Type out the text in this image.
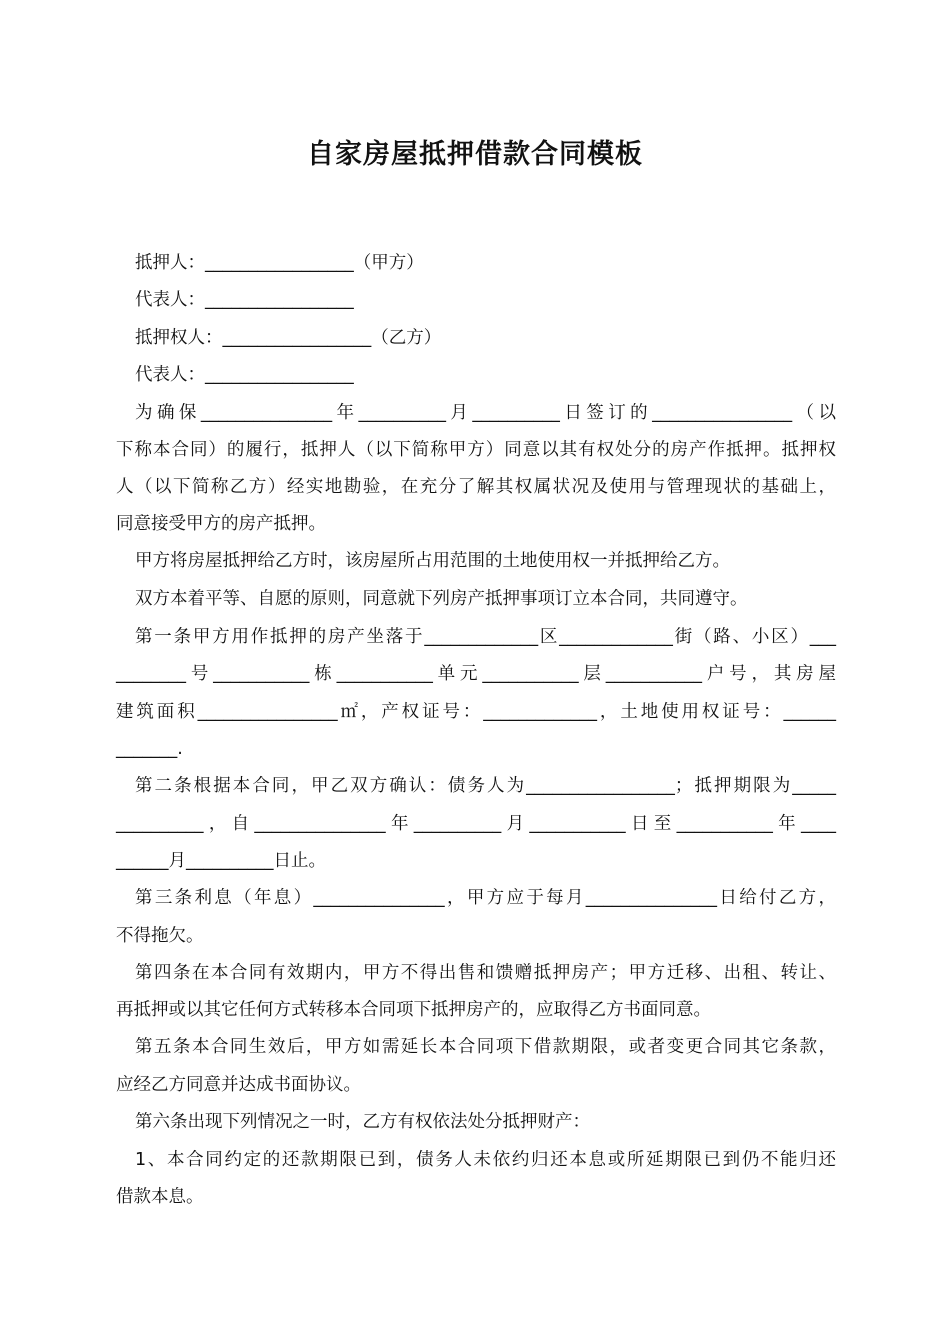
自家房屋抵押借款合同模板
抵押人：_________________（甲方）
代表人：_________________
抵押权人：_________________（乙方）
代表人：_________________
为确保_______________年__________月__________日签订的________________（以
下称本合同）的履行，抵押人（以下简称甲方）同意以其有权处分的房产作抵押。抵押权
人（以下简称乙方）经实地勘验，在充分了解其权属状况及使用与管理现状的基础上，
同意接受甲方的房产抵押。
甲方将房屋抵押给乙方时，该房屋所占用范围的土地使用权一并抵押给乙方。
双方本着平等、自愿的原则，同意就下列房产抵押事项订立本合同，共同遵守。
第一条甲方用作抵押的房产坐落于_____________区_____________街（路、小区）___
________号___________栋___________单元___________层___________户号，其房屋
建筑面积________________㎡，产权证号：_____________，土地使用权证号：______
_______.
第二条根据本合同，甲乙双方确认：债务人为_________________；抵押期限为_____
__________，自_______________年__________月___________日至___________年____
______月__________日止。
第三条利息（年息）_______________，甲方应于每月_______________日给付乙方，
不得拖欠。
第四条在本合同有效期内，甲方不得出售和馈赠抵押房产；甲方迁移、出租、转让、
再抵押或以其它任何方式转移本合同项下抵押房产的，应取得乙方书面同意。
第五条本合同生效后，甲方如需延长本合同项下借款期限，或者变更合同其它条款，
应经乙方同意并达成书面协议。
第六条出现下列情况之一时，乙方有权依法处分抵押财产：
1、本合同约定的还款期限已到，债务人未依约归还本息或所延期限已到仍不能归还
借款本息。
